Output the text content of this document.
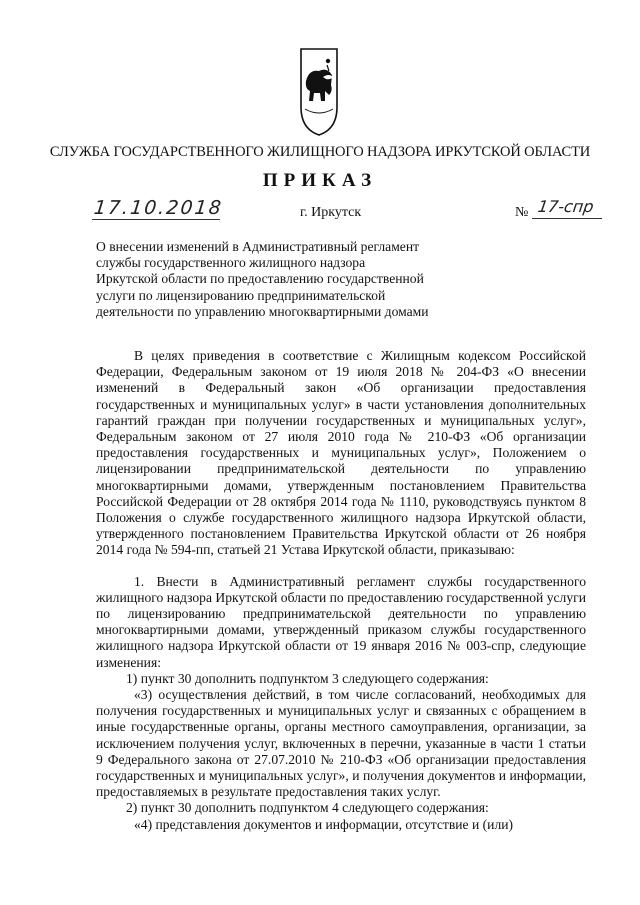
СЛУЖБА ГОСУДАРСТВЕННОГО ЖИЛИЩНОГО НАДЗОРА ИРКУТСКОЙ ОБЛАСТИ
ПРИКАЗ
17.10.2018	г. Иркутск	№ 17-спр
О внесении изменений в Административный регламент
службы государственного жилищного надзора
Иркутской области по предоставлению государственной
услуги по лицензированию предпринимательской
деятельности по управлению многоквартирными домами

В целях приведения в соответствие с Жилищным кодексом Российской Федерации, Федеральным законом от 19 июля 2018 № 204-ФЗ «О внесении изменений в Федеральный закон «Об организации предоставления государственных и муниципальных услуг» в части установления дополнительных гарантий граждан при получении государственных и муниципальных услуг», Федеральным законом от 27 июля 2010 года № 210-ФЗ «Об организации предоставления государственных и муниципальных услуг», Положением о лицензировании предпринимательской деятельности по управлению многоквартирными домами, утвержденным постановлением Правительства Российской Федерации от 28 октября 2014 года № 1110, руководствуясь пунктом 8 Положения о службе государственного жилищного надзора Иркутской области, утвержденного постановлением Правительства Иркутской области от 26 ноября 2014 года № 594-пп, статьей 21 Устава Иркутской области, приказываю:

1. Внести в Административный регламент службы государственного жилищного надзора Иркутской области по предоставлению государственной услуги по лицензированию предпринимательской деятельности по управлению многоквартирными домами, утвержденный приказом службы государственного жилищного надзора Иркутской области от 19 января 2016 № 003-спр, следующие изменения:

1) пункт 30 дополнить подпунктом 3 следующего содержания:

«3) осуществления действий, в том числе согласований, необходимых для получения государственных и муниципальных услуг и связанных с обращением в иные государственные органы, органы местного самоуправления, организации, за исключением получения услуг, включенных в перечни, указанные в части 1 статьи 9 Федерального закона от 27.07.2010 № 210-ФЗ «Об организации предоставления государственных и муниципальных услуг», и получения документов и информации, предоставляемых в результате предоставления таких услуг.

2) пункт 30 дополнить подпунктом 4 следующего содержания:

«4) представления документов и информации, отсутствие и (или)
